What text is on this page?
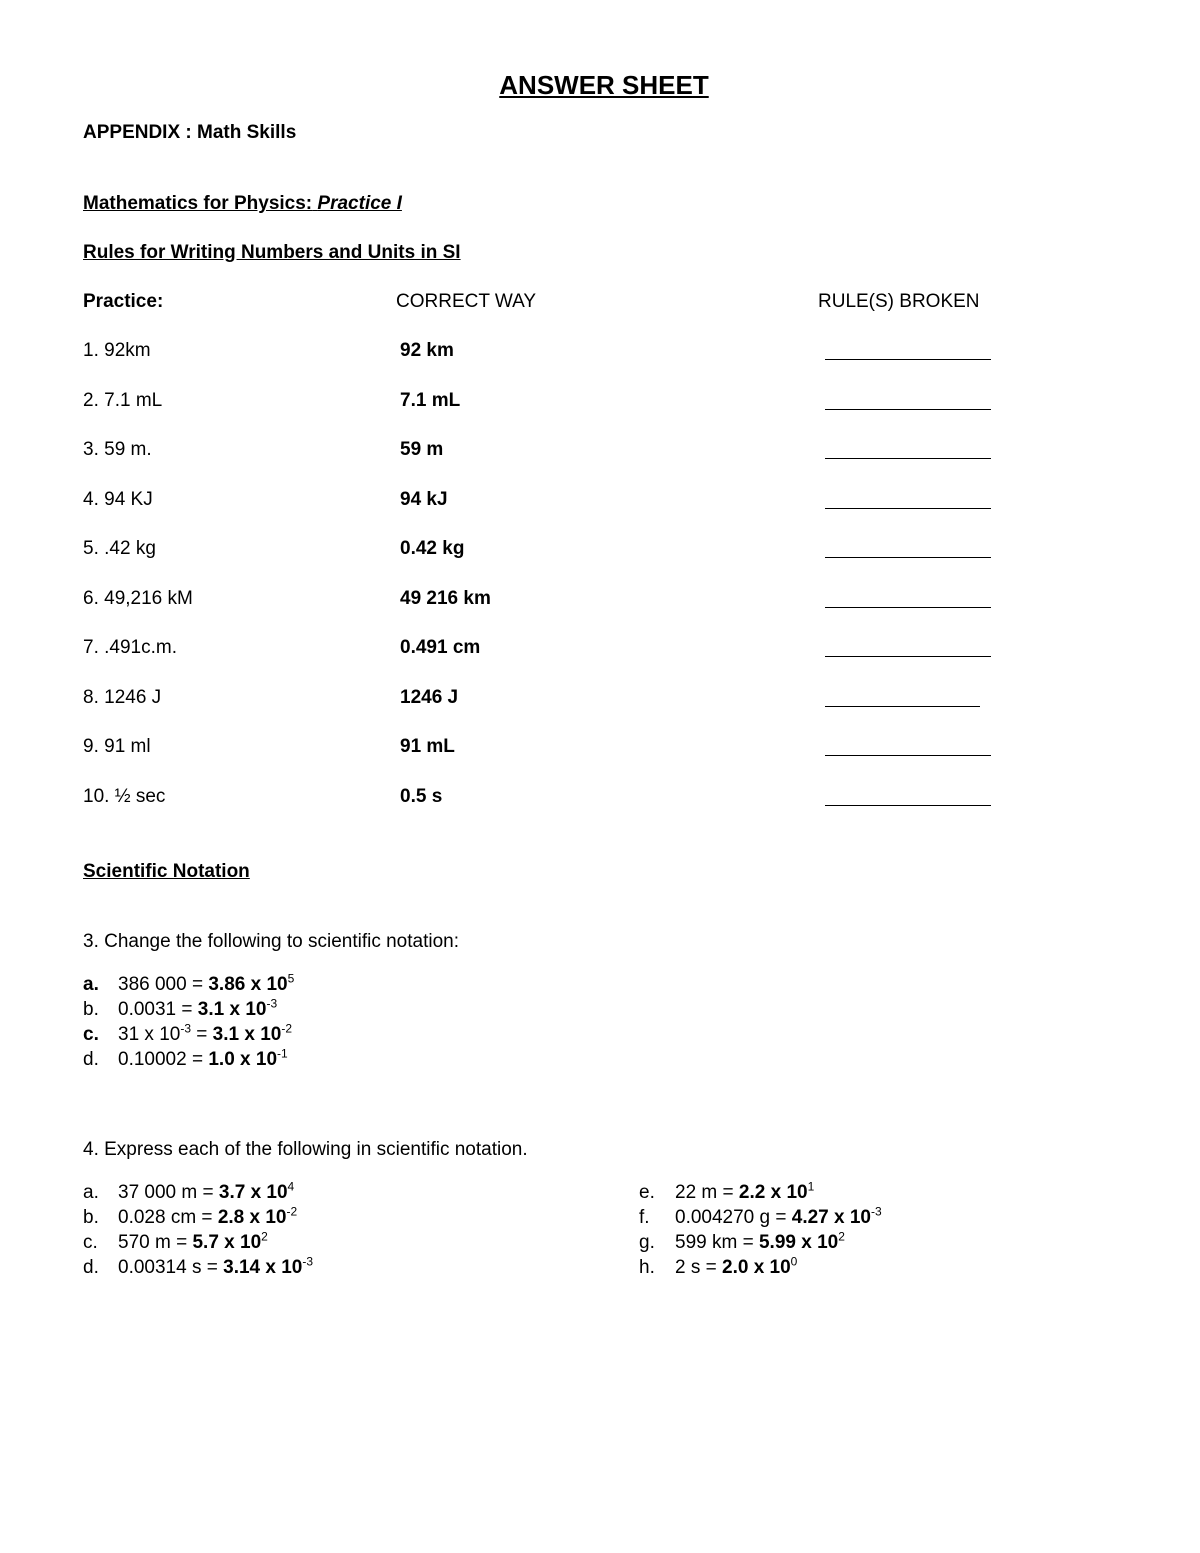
ANSWER SHEET
APPENDIX : Math Skills
Mathematics for Physics: Practice I
Rules for Writing Numbers and Units in SI
Practice:	CORRECT WAY	RULE(S) BROKEN
1. 92km	92 km
2. 7.1 mL	7.1 mL
3. 59 m.	59 m
4. 94 KJ	94 kJ
5. .42 kg	0.42 kg
6. 49,216 kM	49 216 km
7. .491c.m.	0.491 cm
8. 1246 J	1246 J
9. 91 ml	91 mL
10. ½ sec	0.5 s
Scientific Notation
3. Change the following to scientific notation:
a. 386 000 = 3.86 x $10^5$
b. 0.0031 = 3.1 x $10^{-3}$
c. 31 x $10^{-3} = 3.1$ x $10^{-2}$
d. 0.10002 = 1.0 x $10^{-1}$
4. Express each of the following in scientific notation.
a. 37 000 m = 3.7 x $10^4$
b. 0.028 cm = 2.8 x $10^{-2}$
c. 570 m = 5.7 x $10^2$
d. 0.00314 s = 3.14 x $10^{-3}$
e. 22 m = 2.2 x $10^1$
f. 0.004270 g = 4.27 x $10^{-3}$
g. 599 km = 5.99 x $10^2$
h. 2 s = 2.0 x $10^0$
